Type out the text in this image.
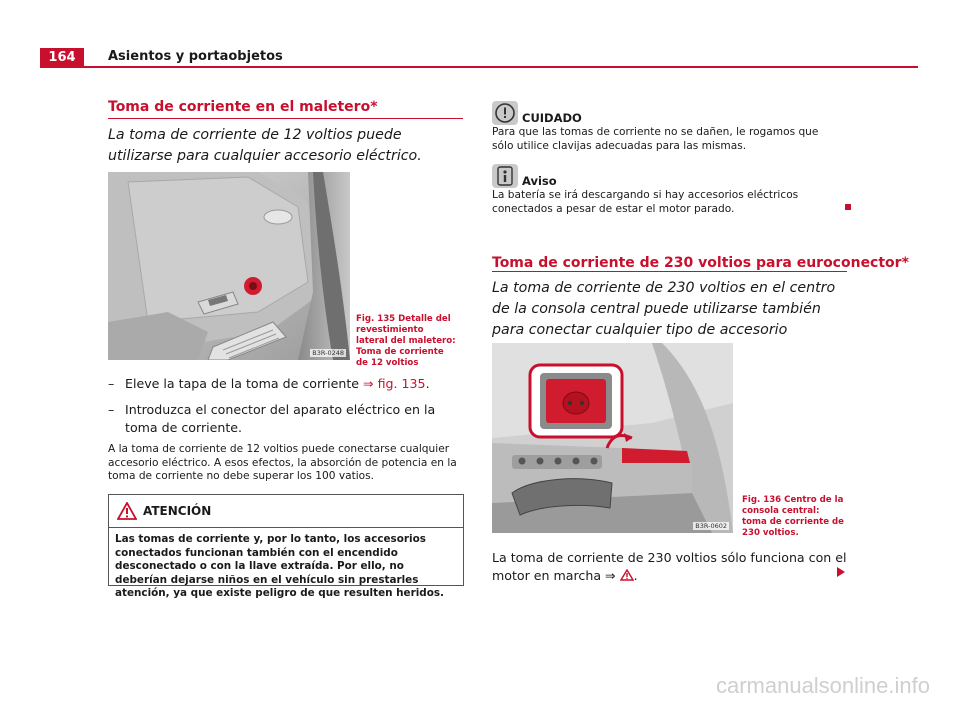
164	Asientos y portaobjetos
Toma de corriente en el maletero*
La toma de corriente de 12 voltios puede utilizarse para cualquier accesorio eléctrico.
B3R-0248
Fig. 135 Detalle del revestimiento lateral del maletero: Toma de corriente de 12 voltios
– Eleve la tapa de la toma de corriente ⇒ fig. 135.
– Introduzca el conector del aparato eléctrico en la toma de corriente.
A la toma de corriente de 12 voltios puede conectarse cualquier accesorio eléctrico. A esos efectos, la absorción de potencia en la toma de corriente no debe superar los 100 vatios.
ATENCIÓN
Las tomas de corriente y, por lo tanto, los accesorios conectados funcionan también con el encendido desconectado o con la llave extraída. Por ello, no deberían dejarse niños en el vehículo sin prestarles atención, ya que existe peligro de que resulten heridos.
CUIDADO
Para que las tomas de corriente no se dañen, le rogamos que sólo utilice clavijas adecuadas para las mismas.
Aviso
La batería se irá descargando si hay accesorios eléctricos conectados a pesar de estar el motor parado.
Toma de corriente de 230 voltios para euroconector*
La toma de corriente de 230 voltios en el centro de la consola central puede utilizarse también para conectar cualquier tipo de accesorio
B3R-0602
Fig. 136 Centro de la consola central: toma de corriente de 230 voltios.
La toma de corriente de 230 voltios sólo funciona con el motor en marcha ⇒ .
carmanualsonline.info
